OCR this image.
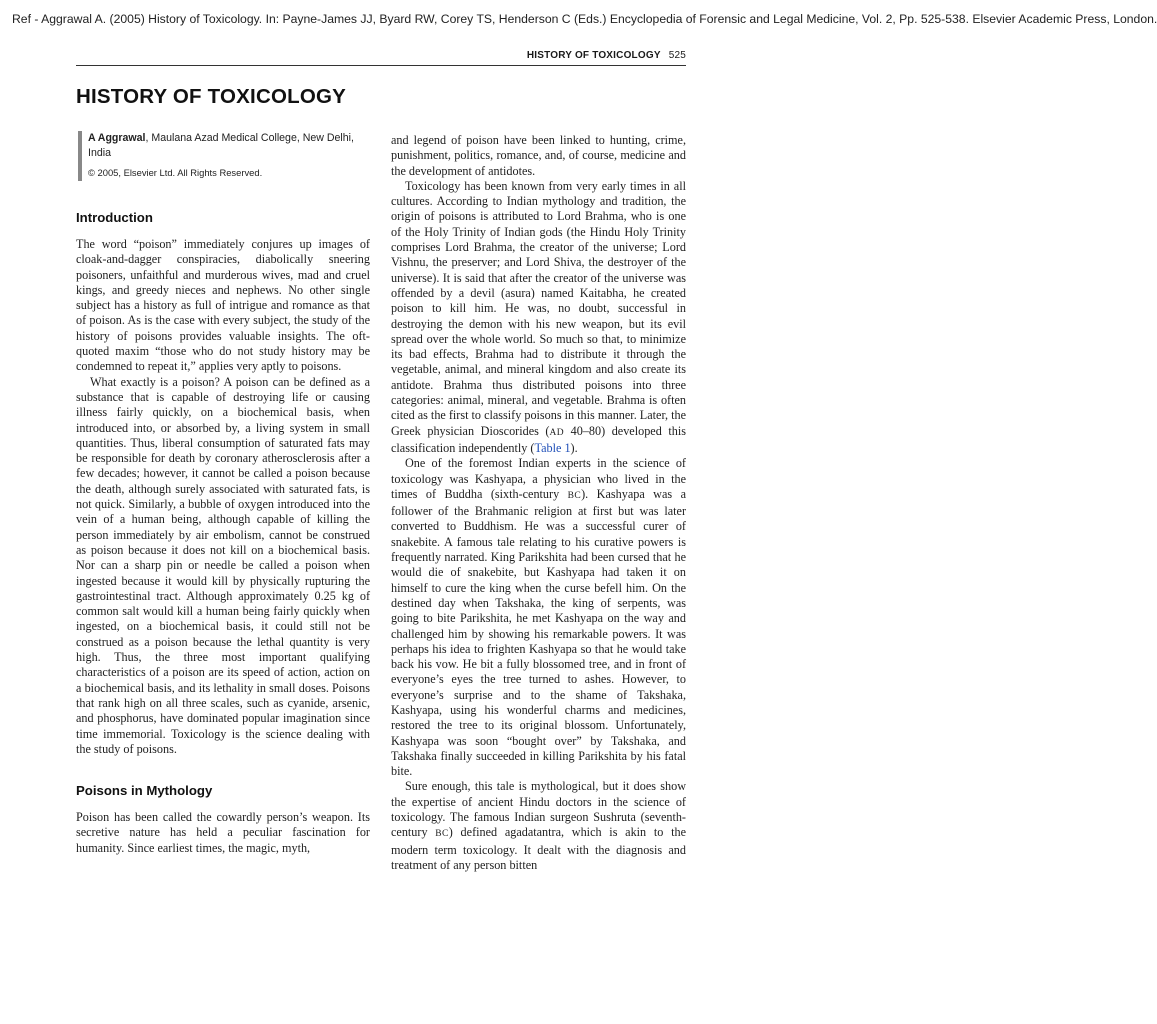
Ref - Aggrawal A. (2005) History of Toxicology. In: Payne-James JJ, Byard RW, Corey TS, Henderson C (Eds.) Encyclopedia of Forensic and Legal Medicine, Vol. 2, Pp. 525-538. Elsevier Academic Press, London.
HISTORY OF TOXICOLOGY 525
HISTORY OF TOXICOLOGY
A Aggrawal, Maulana Azad Medical College, New Delhi, India
© 2005, Elsevier Ltd. All Rights Reserved.
Introduction

The word “poison” immediately conjures up images of cloak-and-dagger conspiracies, diabolically sneering poisoners, unfaithful and murderous wives, mad and cruel kings, and greedy nieces and nephews. No other single subject has a history as full of intrigue and romance as that of poison. As is the case with every subject, the study of the history of poisons provides valuable insights. The oft-quoted maxim “those who do not study history may be condemned to repeat it,” applies very aptly to poisons.

What exactly is a poison? A poison can be defined as a substance that is capable of destroying life or causing illness fairly quickly, on a biochemical basis, when introduced into, or absorbed by, a living system in small quantities. Thus, liberal consumption of saturated fats may be responsible for death by coronary atherosclerosis after a few decades; however, it cannot be called a poison because the death, although surely associated with saturated fats, is not quick. Similarly, a bubble of oxygen introduced into the vein of a human being, although capable of killing the person immediately by air embolism, cannot be construed as poison because it does not kill on a biochemical basis. Nor can a sharp pin or needle be called a poison when ingested because it would kill by physically rupturing the gastrointestinal tract. Although approximately 0.25 kg of common salt would kill a human being fairly quickly when ingested, on a biochemical basis, it could still not be construed as a poison because the lethal quantity is very high. Thus, the three most important qualifying characteristics of a poison are its speed of action, action on a biochemical basis, and its lethality in small doses. Poisons that rank high on all three scales, such as cyanide, arsenic, and phosphorus, have dominated popular imagination since time immemorial. Toxicology is the science dealing with the study of poisons.

Poisons in Mythology

Poison has been called the cowardly person’s weapon. Its secretive nature has held a peculiar fascination for humanity. Since earliest times, the magic, myth,

and legend of poison have been linked to hunting, crime, punishment, politics, romance, and, of course, medicine and the development of antidotes.

Toxicology has been known from very early times in all cultures. According to Indian mythology and tradition, the origin of poisons is attributed to Lord Brahma, who is one of the Holy Trinity of Indian gods (the Hindu Holy Trinity comprises Lord Brahma, the creator of the universe; Lord Vishnu, the preserver; and Lord Shiva, the destroyer of the universe). It is said that after the creator of the universe was offended by a devil (asura) named Kaitabha, he created poison to kill him. He was, no doubt, successful in destroying the demon with his new weapon, but its evil spread over the whole world. So much so that, to minimize its bad effects, Brahma had to distribute it through the vegetable, animal, and mineral kingdom and also create its antidote. Brahma thus distributed poisons into three categories: animal, mineral, and vegetable. Brahma is often cited as the first to classify poisons in this manner. Later, the Greek physician Dioscorides (AD 40–80) developed this classification independently (Table 1).

One of the foremost Indian experts in the science of toxicology was Kashyapa, a physician who lived in the times of Buddha (sixth-century BC). Kashyapa was a follower of the Brahmanic religion at first but was later converted to Buddhism. He was a successful curer of snakebite. A famous tale relating to his curative powers is frequently narrated. King Parikshita had been cursed that he would die of snakebite, but Kashyapa had taken it on himself to cure the king when the curse befell him. On the destined day when Takshaka, the king of serpents, was going to bite Parikshita, he met Kashyapa on the way and challenged him by showing his remarkable powers. It was perhaps his idea to frighten Kashyapa so that he would take back his vow. He bit a fully blossomed tree, and in front of everyone’s eyes the tree turned to ashes. However, to everyone’s surprise and to the shame of Takshaka, Kashyapa, using his wonderful charms and medicines, restored the tree to its original blossom. Unfortunately, Kashyapa was soon “bought over” by Takshaka, and Takshaka finally succeeded in killing Parikshita by his fatal bite.

Sure enough, this tale is mythological, but it does show the expertise of ancient Hindu doctors in the science of toxicology. The famous Indian surgeon Sushruta (seventh-century BC) defined agadatantra, which is akin to the modern term toxicology. It dealt with the diagnosis and treatment of any person bitten
